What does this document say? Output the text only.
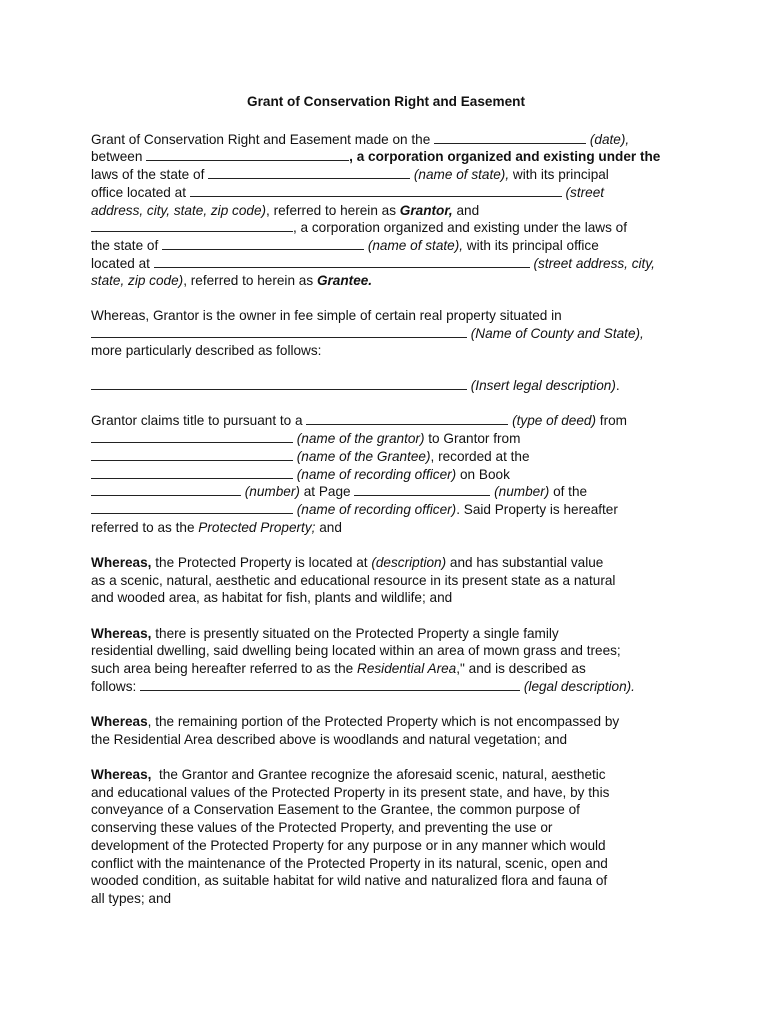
Grant of Conservation Right and Easement
Grant of Conservation Right and Easement made on the	(date),
between	, a corporation organized and existing under the
laws of the state of	(name of state), with its principal
office located at	(street
address, city, state, zip code), referred to herein as Grantor, and
, a corporation organized and existing under the laws of
the state of	(name of state), with its principal office
located at	(street address, city,
state, zip code), referred to herein as Grantee.
Whereas, Grantor is the owner in fee simple of certain real property situated in
(Name of County and State),
more particularly described as follows:
(Insert legal description).
Grantor claims title to pursuant to a	(type of deed) from
(name of the grantor) to Grantor from
(name of the Grantee), recorded at the
(name of recording officer) on Book
(number) at Page	(number) of the
(name of recording officer). Said Property is hereafter
referred to as the Protected Property; and
Whereas, the Protected Property is located at (description) and has substantial value
as a scenic, natural, aesthetic and educational resource in its present state as a natural
and wooded area, as habitat for fish, plants and wildlife; and
Whereas, there is presently situated on the Protected Property a single family
residential dwelling, said dwelling being located within an area of mown grass and trees;
such area being hereafter referred to as the Residential Area," and is described as
follows:	(legal description).
Whereas, the remaining portion of the Protected Property which is not encompassed by
the Residential Area described above is woodlands and natural vegetation; and
Whereas,  the Grantor and Grantee recognize the aforesaid scenic, natural, aesthetic
and educational values of the Protected Property in its present state, and have, by this
conveyance of a Conservation Easement to the Grantee, the common purpose of
conserving these values of the Protected Property, and preventing the use or
development of the Protected Property for any purpose or in any manner which would
conflict with the maintenance of the Protected Property in its natural, scenic, open and
wooded condition, as suitable habitat for wild native and naturalized flora and fauna of
all types; and
